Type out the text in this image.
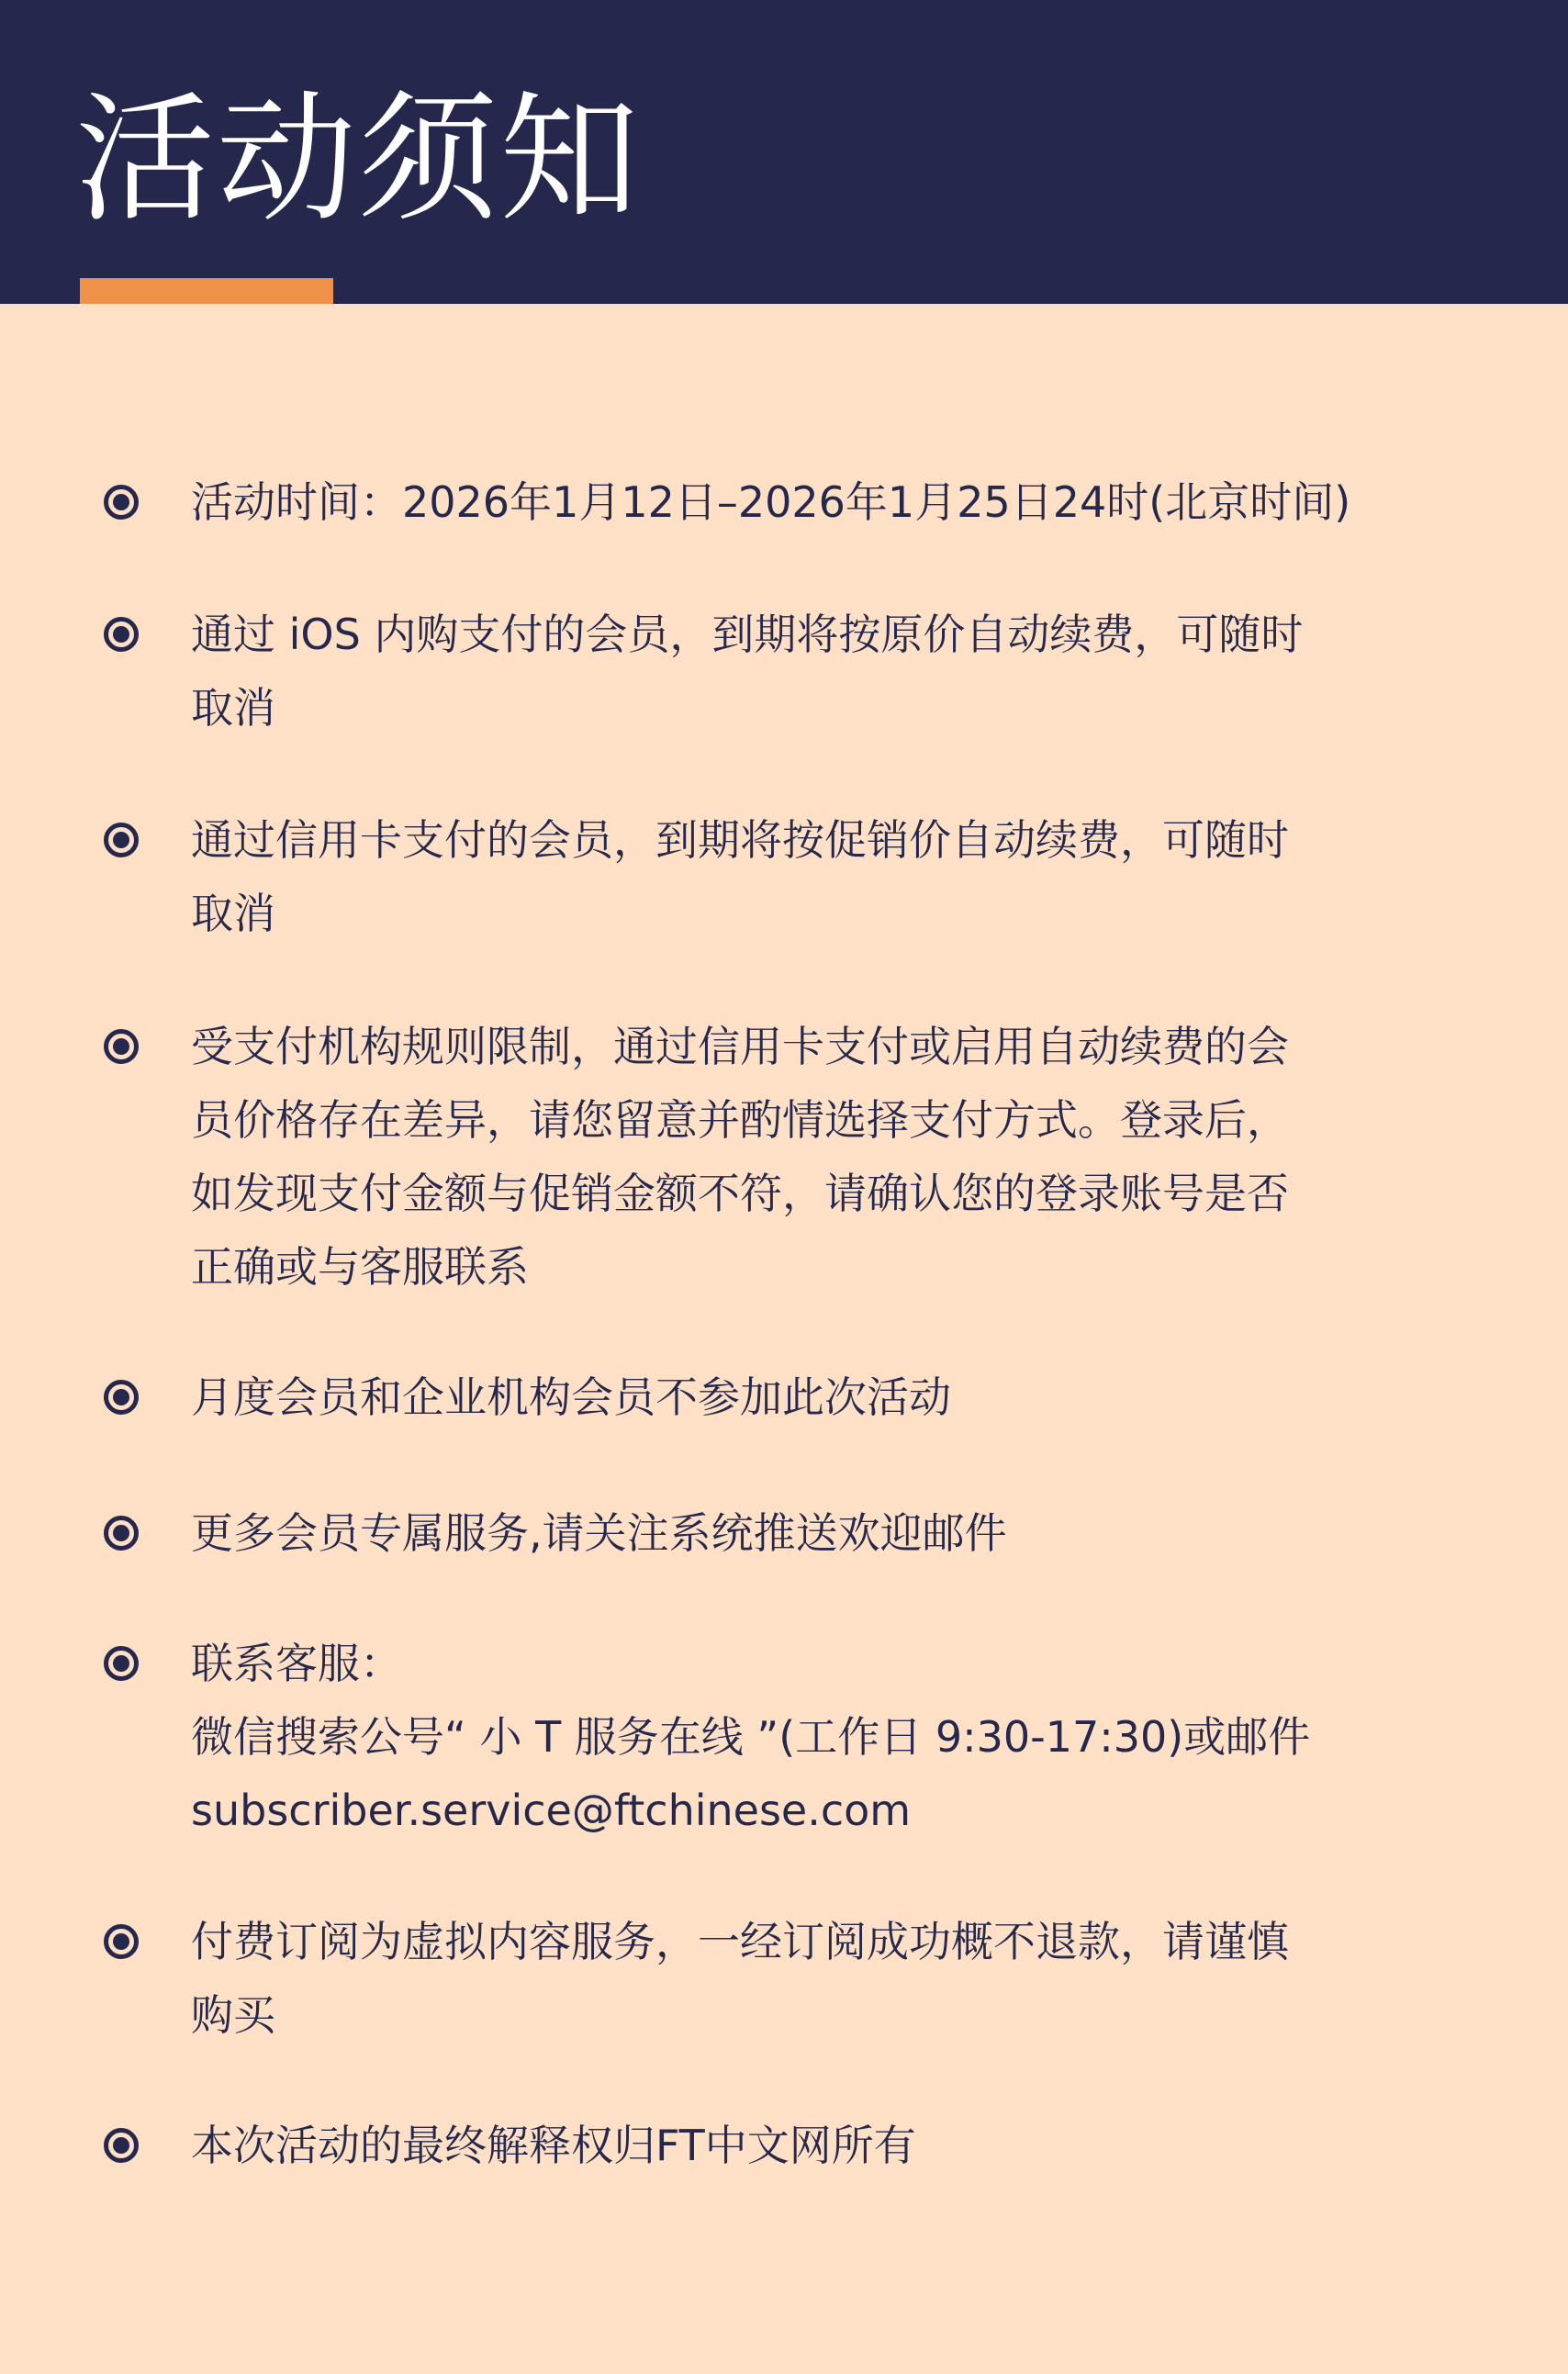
活动须知
活动时间：2026年1月12日–2026年1月25日24时(北京时间)
通过 iOS 内购支付的会员，到期将按原价自动续费，可随时
取消
通过信用卡支付的会员，到期将按促销价自动续费，可随时
取消
受支付机构规则限制，通过信用卡支付或启用自动续费的会
员价格存在差异，请您留意并酌情选择支付方式。登录后，
如发现支付金额与促销金额不符，请确认您的登录账号是否
正确或与客服联系
月度会员和企业机构会员不参加此次活动
更多会员专属服务,请关注系统推送欢迎邮件
联系客服：
微信搜索公号“ 小 T 服务在线 ”(工作日 9:30-17:30)或邮件
subscriber.service@ftchinese.com
付费订阅为虚拟内容服务，一经订阅成功概不退款，请谨慎
购买
本次活动的最终解释权归FT中文网所有
